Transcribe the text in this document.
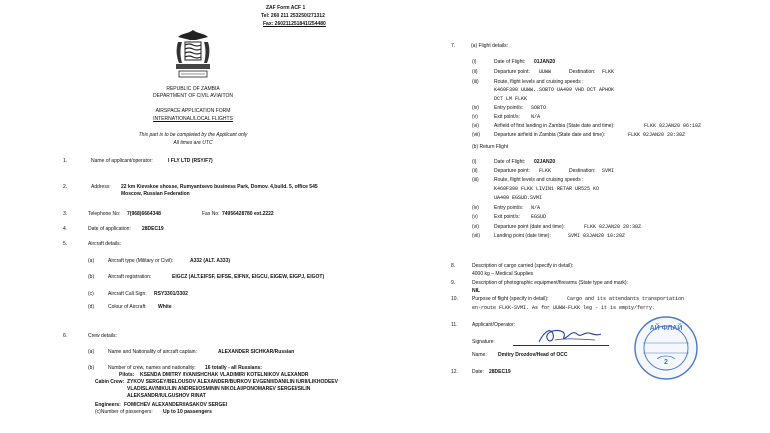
ZAF Form ACF 1
Tel: 260 211 253250/271312
Fax: 260211251841/254480
REPUBLIC OF ZAMBIA
DEPARTMENT OF CIVIL AVIAITON
AIRSPACE APPLICATION FORM
INTERNATIONAL/LOCAL FLIGHTS
This part is to be completed by the Applicant only
All times are UTC
1.	Name of applicant/operator:	I FLY LTD (RSY/F7)
2.	Address: 22 km Kievskoe shosse, Rumyantsevo business Park, Domov. 4,build. 5, office 545
Moscow, Russian Federation
3.	Telephone No: 7(968)6664348	Fax No: 74956428780 ext.2222
4.	Date of application: 28DEC19
5.	Aircraft details:
(a)	Aircraft type (Military or Civil):	A332 (ALT. A333)
(b)	Aircraft registration:	EIGCZ (ALT.EIFSF, EIFSE, EIFNX, EIGCU, EIGEW, EIGPJ, EIGOT)
(c)	Aircraft Call Sign: RSY3301/3302
(d)	Colour of Aircraft: White
6.	Crew details:
(a)	Name and Nationality of aircraft captain:	ALEXANDER SICHKAR/Russian
(b)	Number of crew, names and nationality: 16 totally - all Russians:
Pilots: KSENDA DMITRY /IVANISHCHAK VLADIMIR/ KOTELNIKOV ALEXANDR
Cabin Crew: ZYKOV SERGEY/BELOUSOV ALEXANDER/BURKOV EVGENII/DANILIN IURII/LIKHODEEV
VLADISLAV/NIKULIN ANDREI/OSMININ NIKOLAI/PONOMAREV SERGEI/SILIN
ALEKSANDR/IULGUSHOV RINAT
Engineers: FOMICHEV ALEXANDER/IASAKOV SERGEI
(c)Number of passengers: Up to 10 passengers
7.	(a) Flight details:
(i)	Date of Flight: 01JAN20
(ii)	Departure point: UUWW	Destination: FLKK
(iii)	Route, flight levels and cruising speeds :
K460F390 UUWW..SOBTO UA409 VHD DCT APHOK
DCT LM FLKK
(iv)	Entry point/s: SOBTO
(v)	Exit point/s: N/A
(vi)	Airfield of first landing in Zambia (State date and time):	FLKK 02JAN20 06:10Z
(vii)	Departure airfield in Zambia (State date and time):	FLKK 02JAN20 20:30Z
(b) Return Flight
(i)	Date of Flight: 02JAN20
(ii)	Departure point: FLKK	Destination: SVMI
(iii)	Route, flight levels and cruising speeds :
K460F390 FLKK LIVIN1 RETAR UR525 KO
UA400 EGSUD.SVMI
(iv)	Entry point/s: N/A
(v)	Exit point/s: EGSUD
(vi)	Departure point (date and time):	FLKK 02JAN20 20:30Z
(vii)	Landing point (date time):	SVMI 03JAN20 10:20Z
8.	Description of cargo carried (specify in detail):
4000 kg – Medical Supplies
9.	Description of photographic equipment/firearms (State type and mark):
NIL
10.	Purpose of flight (specify in detail):	Cargo and its attendants transportation
en-route FLKK-SVMI. As for UUWW-FLKK leg - it is empty/ferry.
11.	Applicant/Operator:
Signature:
Name: Dmitry Drozdov/Head of OCC
12.	Date: 28DEC19
АЙ ФЛАЙ
2
